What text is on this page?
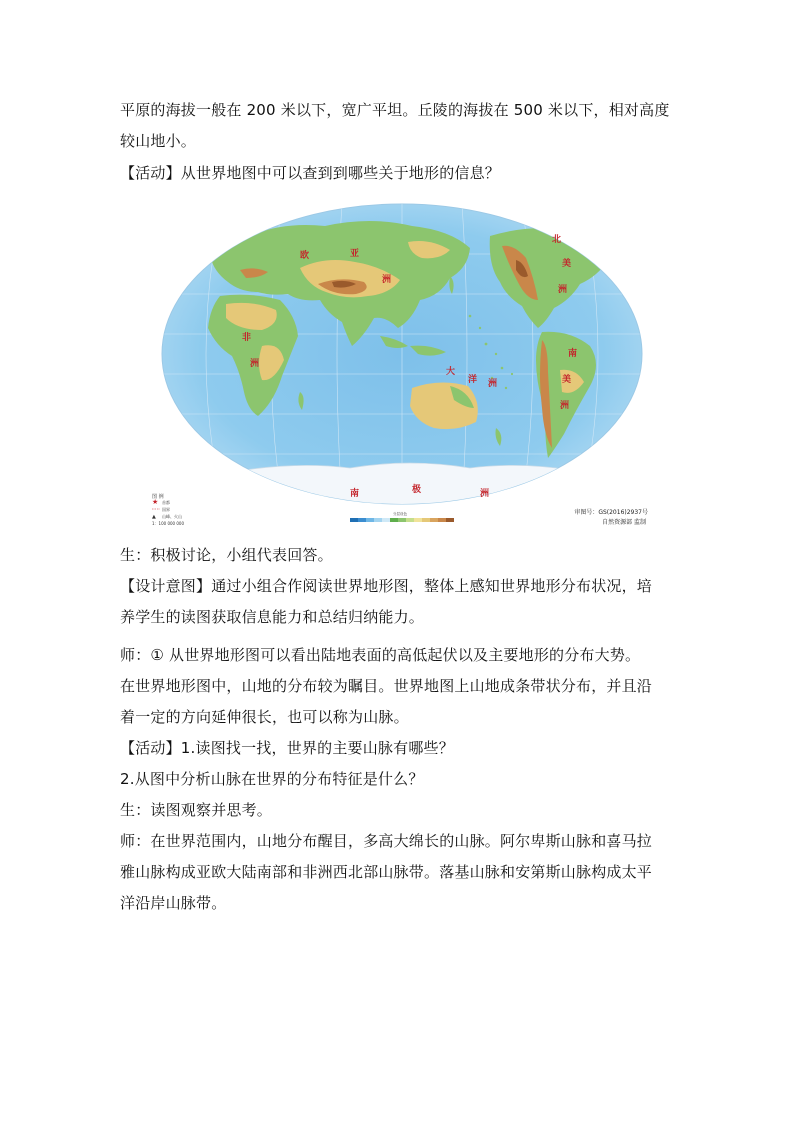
平原的海拔一般在 200 米以下，宽广平坦。丘陵的海拔在 500 米以下，相对高度
较山地小。
【活动】从世界地图中可以查到到哪些关于地形的信息？
欧	亚
洲
非
洲
大
洋 洲
北
美
洲
南
美
洲
南	极	洲
图 例
★ 首都
国界
▲ 山峰、火山
1：100 000 000
分层设色	审图号：GS(2016)2937号
自然资源部 监制
生：积极讨论，小组代表回答。
【设计意图】通过小组合作阅读世界地形图，整体上感知世界地形分布状况，培
养学生的读图获取信息能力和总结归纳能力。
师：① 从世界地形图可以看出陆地表面的高低起伏以及主要地形的分布大势。
在世界地形图中，山地的分布较为瞩目。世界地图上山地成条带状分布，并且沿
着一定的方向延伸很长，也可以称为山脉。
【活动】1.读图找一找，世界的主要山脉有哪些？
2.从图中分析山脉在世界的分布特征是什么？
生：读图观察并思考。
师：在世界范围内，山地分布醒目，多高大绵长的山脉。阿尔卑斯山脉和喜马拉
雅山脉构成亚欧大陆南部和非洲西北部山脉带。落基山脉和安第斯山脉构成太平
洋沿岸山脉带。
